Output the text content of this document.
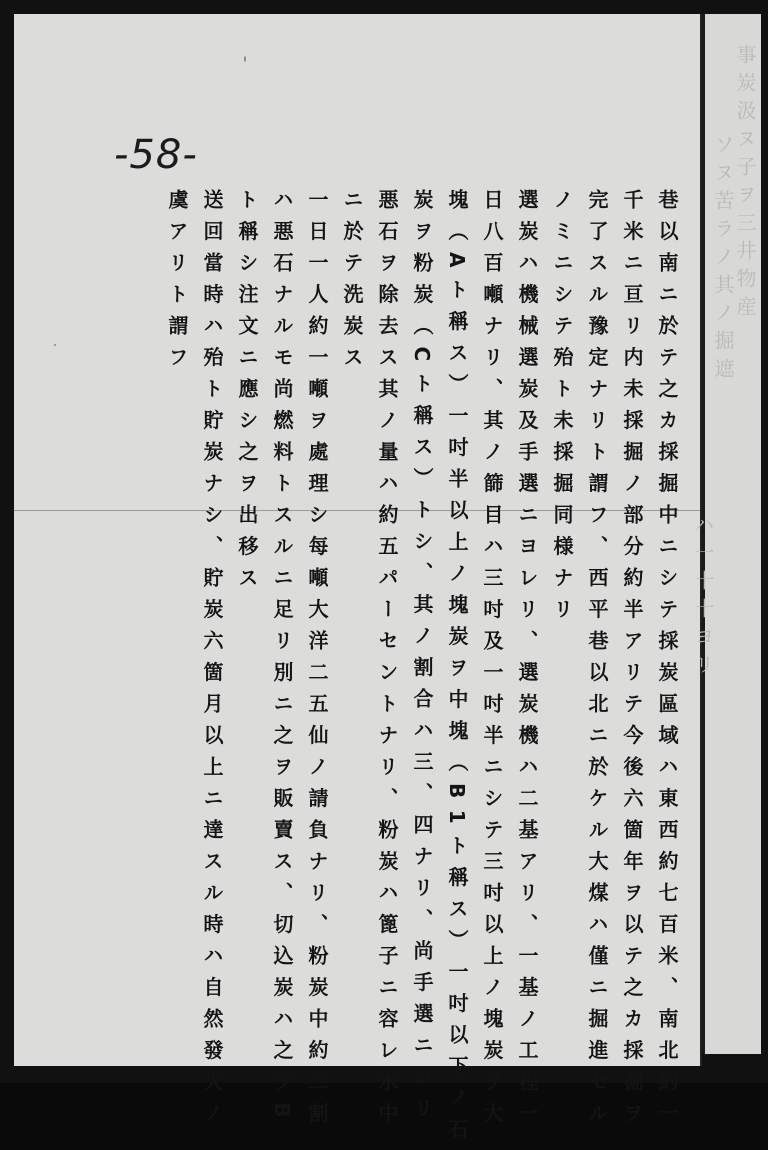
-58-
巷以南ニ於テ之カ採掘中ニシテ採炭區域ハ東西約七百米、南北約一
千米ニ亘リ内未採掘ノ部分約半アリテ今後六箇年ヲ以テ之カ採掘ヲ
完了スル豫定ナリト謂フ、西平巷以北ニ於ケル大煤ハ僅ニ掘進セル
ノミニシテ殆ト未採掘同様ナリ
選炭ハ機械選炭及手選ニヨレリ、選炭機ハ二基アリ、一基ノ工程一
日八百噸ナリ、其ノ篩目ハ三吋及一吋半ニシテ三吋以上ノ塊炭ヲ大
塊（Aト稱ス）一吋半以上ノ塊炭ヲ中塊（B1ト稱ス）一吋以下ノ石
炭ヲ粉炭（Cト稱ス）トシ、其ノ割合ハ三、四ナリ、尚手選ニヨリ
悪石ヲ除去ス其ノ量ハ約五パーセントナリ、粉炭ハ篦子ニ容レ水中
ニ於テ洗炭ス
一日一人約一噸ヲ處理シ每噸大洋二五仙ノ請負ナリ、粉炭中約二割
ハ悪石ナルモ尚燃料トスルニ足リ別ニ之ヲ販賣ス、切込炭ハ之ヲB
ト稱シ注文ニ應シ之ヲ出移ス
送回當時ハ殆ト貯炭ナシ、貯炭六箇月以上ニ達スル時ハ自然發火ノ
虞アリト謂フ	事炭汲ヌ子ヲ三井物産
ソヌ苦ラノ其ノ掘遮
ハ一十十ヨリ
